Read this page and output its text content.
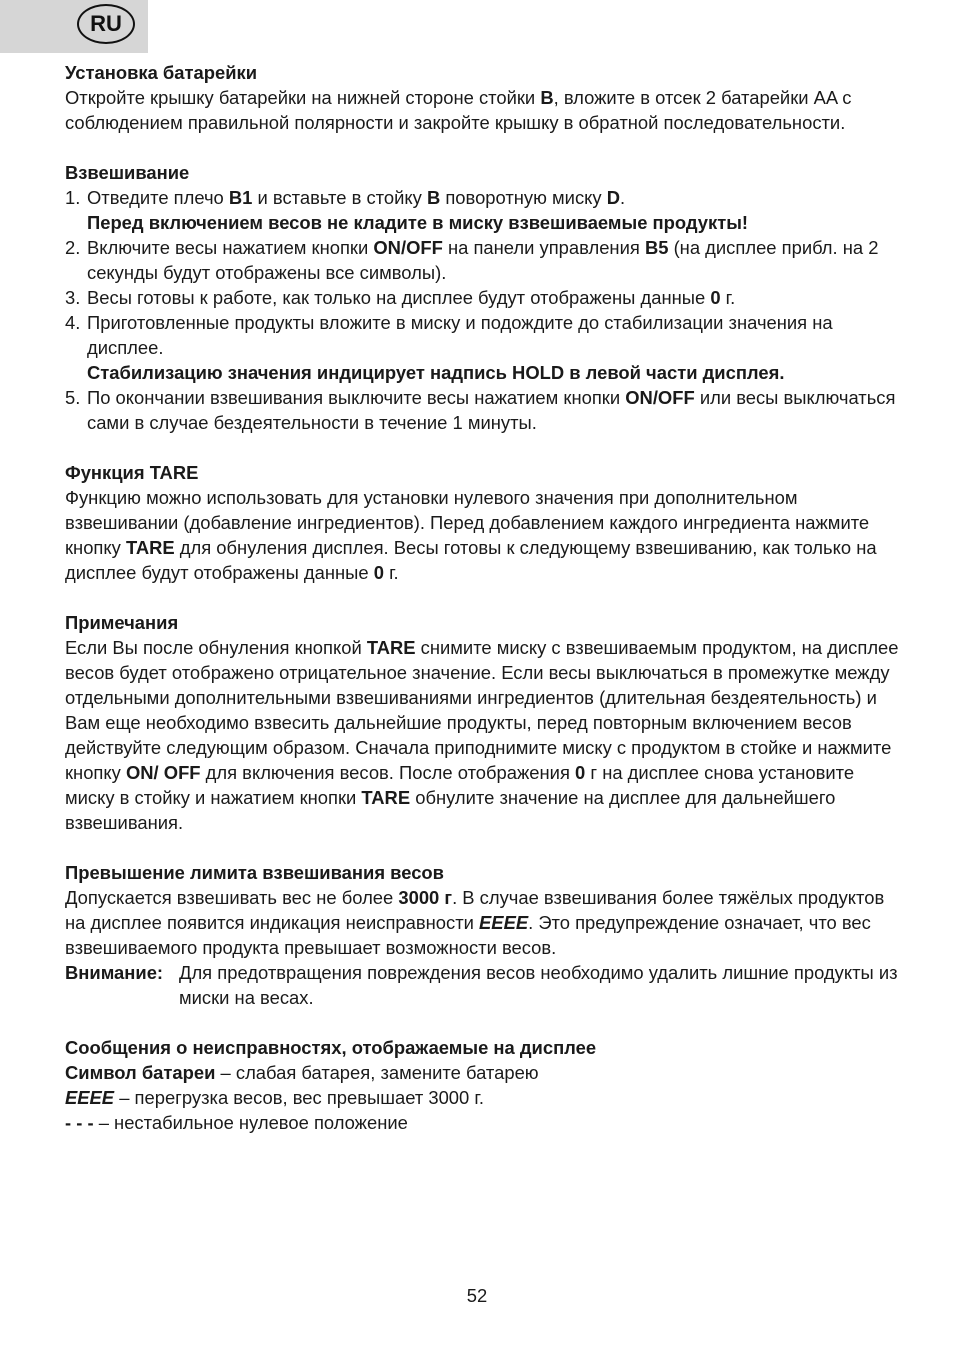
RU
Установка батарейки

Откройте крышку батарейки на нижней стороне стойки B, вложите в отсек 2 батарейки AA с соблюдением правильной полярности и закройте крышку в обратной последовательности.

Взвешивание
1. Отведите плечо B1 и вставьте в стойку B поворотную миску D.
Перед включением весов не кладите в миску взвешиваемые продукты!
2. Включите весы нажатием кнопки ON/OFF на панели управления B5 (на дисплее прибл. на 2 секунды будут отображены все символы).
3. Весы готовы к работе, как только на дисплее будут отображены данные 0 г.
4. Приготовленные продукты вложите в миску и подождите до стабилизации значения на дисплее.
Стабилизацию значения индицирует надпись HOLD в левой части дисплея.
5. По окончании взвешивания выключите весы нажатием кнопки ON/OFF или весы выключаться сами в случае бездеятельности в течение 1 минуты.
Функция TARE

Функцию можно использовать для установки нулевого значения при дополнительном взвешивании (добавление ингредиентов). Перед добавлением каждого ингредиента нажмите кнопку TARE для обнуления дисплея. Весы готовы к следующему взвешиванию, как только на дисплее будут отображены данные 0 г.

Примечания

Если Вы после обнуления кнопкой TARE снимите миску с взвешиваемым продуктом, на дисплее весов будет отображено отрицательное значение. Если весы выключаться в промежутке между отдельными дополнительными взвешиваниями ингредиентов (длительная бездеятельность) и Вам еще необходимо взвесить дальнейшие продукты, перед повторным включением весов действуйте следующим образом. Сначала приподнимите миску с продуктом в стойке и нажмите кнопку ON/ OFF для включения весов. После отображения 0 г на дисплее снова установите миску в стойку и нажатием кнопки TARE обнулите значение на дисплее для дальнейшего взвешивания.

Превышение лимита взвешивания весов

Допускается взвешивать вес не более 3000 г. В случае взвешивания более тяжёлых продуктов на дисплее появится индикация неисправности EEEE. Это предупреждение означает, что вес взвешиваемого продукта превышает возможности весов.

Внимание: Для предотвращения повреждения весов необходимо удалить лишние продукты из миски на весах.
Сообщения о неисправностях, отображаемые на дисплее
Символ батареи – слабая батарея, замените батарею
EEEE – перегрузка весов, вес превышает 3000 г.
- - - – нестабильное нулевое положение
52
